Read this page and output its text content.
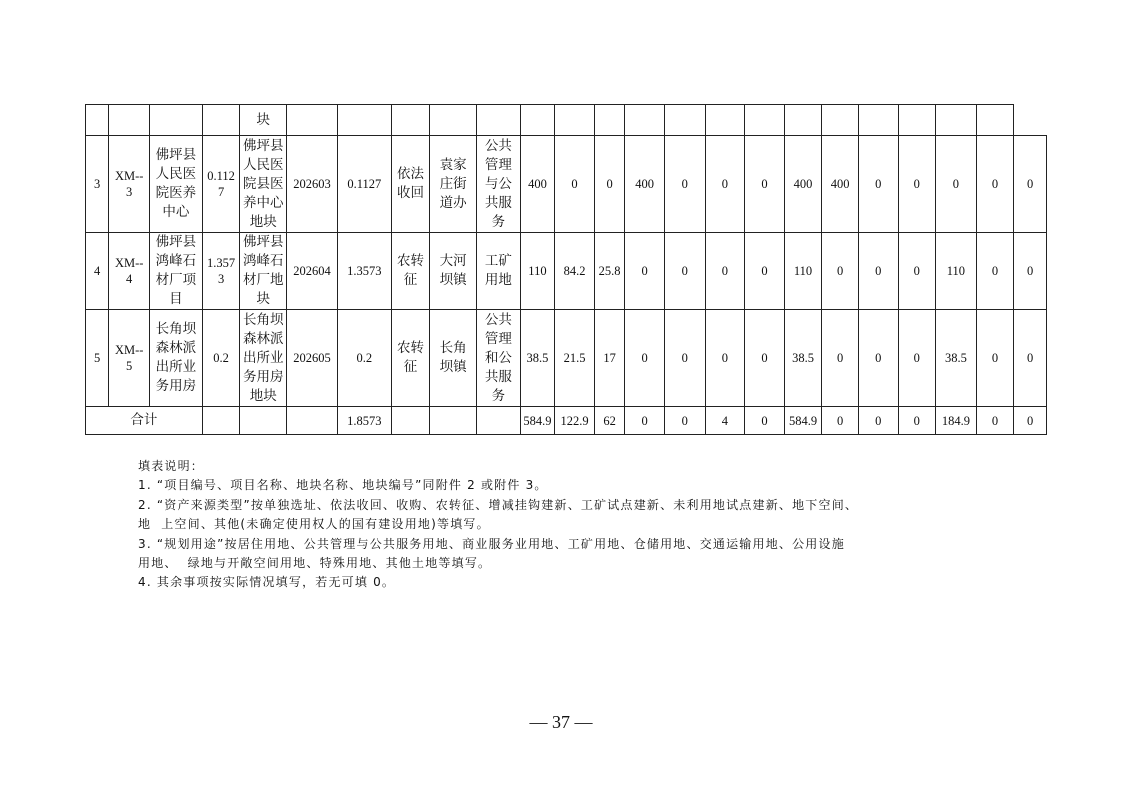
				块																			
3	XM--
3	佛坪县
人民医
院医养
中心	0.112
7	佛坪县
人民医
院县医
养中心
地块	202603	0.1127	依法
收回	袁家
庄街
道办	公共
管理
与公
共服
务	400	0	0	400	0	0	0	400	400	0	0	0	0	0
4	XM--
4	佛坪县
鸿峰石
材厂项
目	1.357
3	佛坪县
鸿峰石
材厂地
块	202604	1.3573	农转
征	大河
坝镇	工矿
用地	110	84.2	25.8	0	0	0	0	110	0	0	0	110	0	0
5	XM--
5	长角坝
森林派
出所业
务用房	0.2	长角坝
森林派
出所业
务用房
地块	202605	0.2	农转
征	长角
坝镇	公共
管理
和公
共服
务	38.5	21.5	17	0	0	0	0	38.5	0	0	0	38.5	0	0
合计						1.8573				584.9	122.9	62	0	0	4	0	584.9	0	0	0	184.9	0	0
填表说明：
1. “项目编号、项目名称、地块名称、地块编号”同附件 2 或附件 3。
2. “资产来源类型”按单独选址、依法收回、收购、农转征、增减挂钩建新、工矿试点建新、未利用地试点建新、地下空间、
地  上空间、其他(未确定使用权人的国有建设用地)等填写。
3. “规划用途”按居住用地、公共管理与公共服务用地、商业服务业用地、工矿用地、仓储用地、交通运输用地、公用设施
用地、  绿地与开敞空间用地、特殊用地、其他土地等填写。
4. 其余事项按实际情况填写，若无可填 0。
— 37 —
